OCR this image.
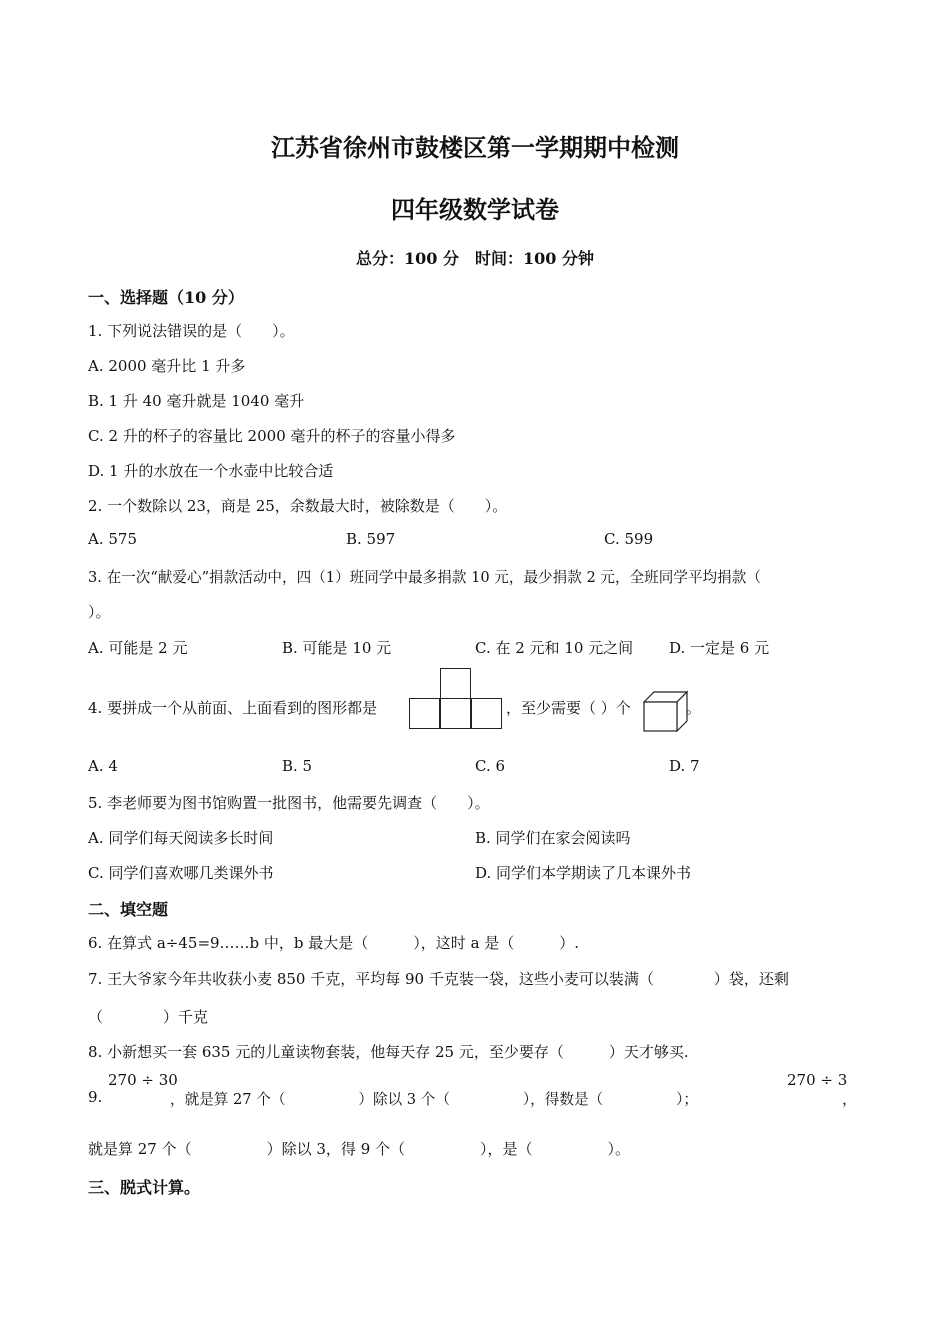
江苏省徐州市鼓楼区第一学期期中检测
四年级数学试卷
总分：100 分　时间：100 分钟
一、选择题（10 分）
1. 下列说法错误的是（　　）。
A. 2000 毫升比 1 升多
B. 1 升 40 毫升就是 1040 毫升
C. 2 升的杯子的容量比 2000 毫升的杯子的容量小得多
D. 1 升的水放在一个水壶中比较合适
2. 一个数除以 23，商是 25，余数最大时，被除数是（　　）。
A. 575	B. 597	C. 599
3. 在一次“献爱心”捐款活动中，四（1）班同学中最多捐款 10 元，最少捐款 2 元，全班同学平均捐款（
）。
A. 可能是 2 元	B. 可能是 10 元	C. 在 2 元和 10 元之间 D. 一定是 6 元
4. 要拼成一个从前面、上面看到的图形都是	，至少需要（ ）个	。
A. 4	B. 5	C. 6	D. 7
5. 李老师要为图书馆购置一批图书，他需要先调查（　　）。
A. 同学们每天阅读多长时间	B. 同学们在家会阅读吗
C. 同学们喜欢哪几类课外书	D. 同学们本学期读了几本课外书
二、填空题
6. 在算式 a÷45=9……b 中，b 最大是（　　　），这时 a 是（　　　）.
7. 王大爷家今年共收获小麦 850 千克，平均每 90 千克装一袋，这些小麦可以装满（　　　　）袋，还剩
（　　　　）千克
8. 小新想买一套 635 元的儿童读物套装，他每天存 25 元，至少要存（　　　）天才够买.
9.
270 ÷ 30
，就是算 27 个（　　　　　）除以 3 个（　　　　　），得数是（　　　　　）；
270 ÷ 3
，
就是算 27 个（　　　　　）除以 3，得 9 个（　　　　　），是（　　　　　）。
三、脱式计算。
